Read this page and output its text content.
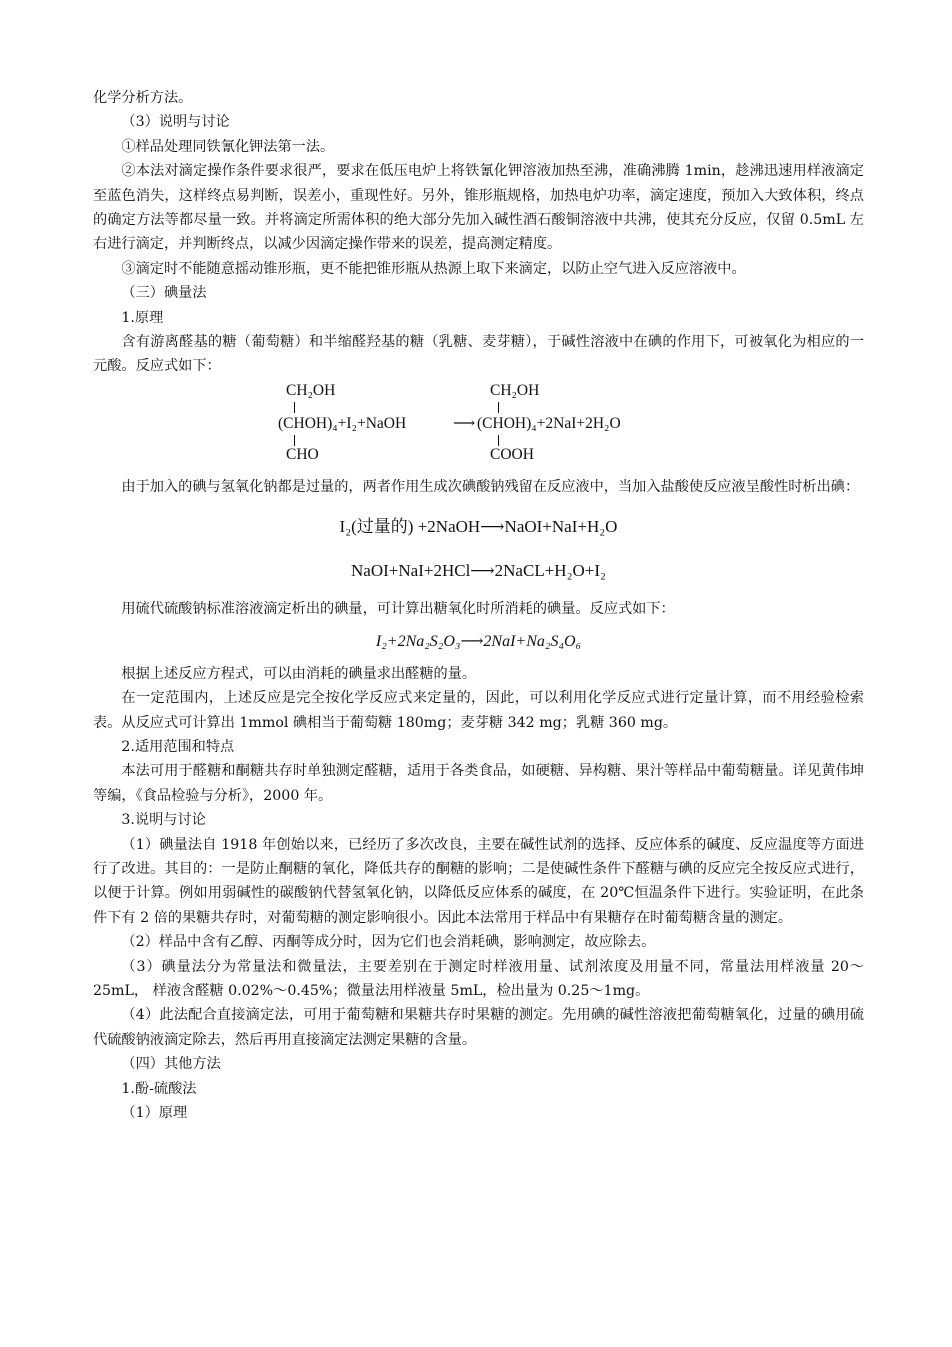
化学分析方法。

（3）说明与讨论

①样品处理同铁氰化钾法第一法。

②本法对滴定操作条件要求很严，要求在低压电炉上将铁氰化钾溶液加热至沸，准确沸腾 1min，趁沸迅速用样液滴定至蓝色消失，这样终点易判断，误差小，重现性好。另外，锥形瓶规格，加热电炉功率，滴定速度，预加入大致体积，终点的确定方法等都尽量一致。并将滴定所需体积的绝大部分先加入碱性酒石酸铜溶液中共沸，使其充分反应，仅留 0.5mL 左右进行滴定，并判断终点，以减少因滴定操作带来的误差，提高测定精度。

③滴定时不能随意摇动锥形瓶，更不能把锥形瓶从热源上取下来滴定，以防止空气进入反应溶液中。

（三）碘量法

1.原理

含有游离醛基的糖（葡萄糖）和半缩醛羟基的糖（乳糖、麦芽糖），于碱性溶液中在碘的作用下，可被氧化为相应的一元酸。反应式如下：

CH₂OH
(CHOH)₄+I₂+NaOH	⟶
CHO
CH₂OH
(CHOH)₄+2NaI+2H₂O
COOH

由于加入的碘与氢氧化钠都是过量的，两者作用生成次碘酸钠残留在反应液中，当加入盐酸使反应液呈酸性时析出碘：

I₂(过量的) +2NaOH⟶NaOI+NaI+H₂O

NaOI+NaI+2HCl⟶2NaCL+H₂O+I₂

用硫代硫酸钠标准溶液滴定析出的碘量，可计算出糖氧化时所消耗的碘量。反应式如下：

I₂+2Na₂S₂O₃⟶2NaI+Na₂S₄O₆

根据上述反应方程式，可以由消耗的碘量求出醛糖的量。

在一定范围内，上述反应是完全按化学反应式来定量的，因此，可以利用化学反应式进行定量计算，而不用经验检索表。从反应式可计算出 1mmol 碘相当于葡萄糖 180mg；麦芽糖 342 mg；乳糖 360 mg。

2.适用范围和特点

本法可用于醛糖和酮糖共存时单独测定醛糖，适用于各类食品，如硬糖、异构糖、果汁等样品中葡萄糖量。详见黄伟坤等编，《食品检验与分析》，2000 年。

3.说明与讨论

（1）碘量法自 1918 年创始以来，已经历了多次改良，主要在碱性试剂的选择、反应体系的碱度、反应温度等方面进行了改进。其目的：一是防止酮糖的氧化，降低共存的酮糖的影响；二是使碱性条件下醛糖与碘的反应完全按反应式进行，以便于计算。例如用弱碱性的碳酸钠代替氢氧化钠，以降低反应体系的碱度，在 20℃恒温条件下进行。实验证明，在此条件下有 2 倍的果糖共存时，对葡萄糖的测定影响很小。因此本法常用于样品中有果糖存在时葡萄糖含量的测定。

（2）样品中含有乙醇、丙酮等成分时，因为它们也会消耗碘，影响测定，故应除去。

（3）碘量法分为常量法和微量法，主要差别在于测定时样液用量、试剂浓度及用量不同，常量法用样液量 20～25mL， 样液含醛糖 0.02%～0.45%；微量法用样液量 5mL，检出量为 0.25～1mg。

（4）此法配合直接滴定法，可用于葡萄糖和果糖共存时果糖的测定。先用碘的碱性溶液把葡萄糖氧化，过量的碘用硫代硫酸钠液滴定除去，然后再用直接滴定法测定果糖的含量。

（四）其他方法

1.酚-硫酸法

（1）原理
